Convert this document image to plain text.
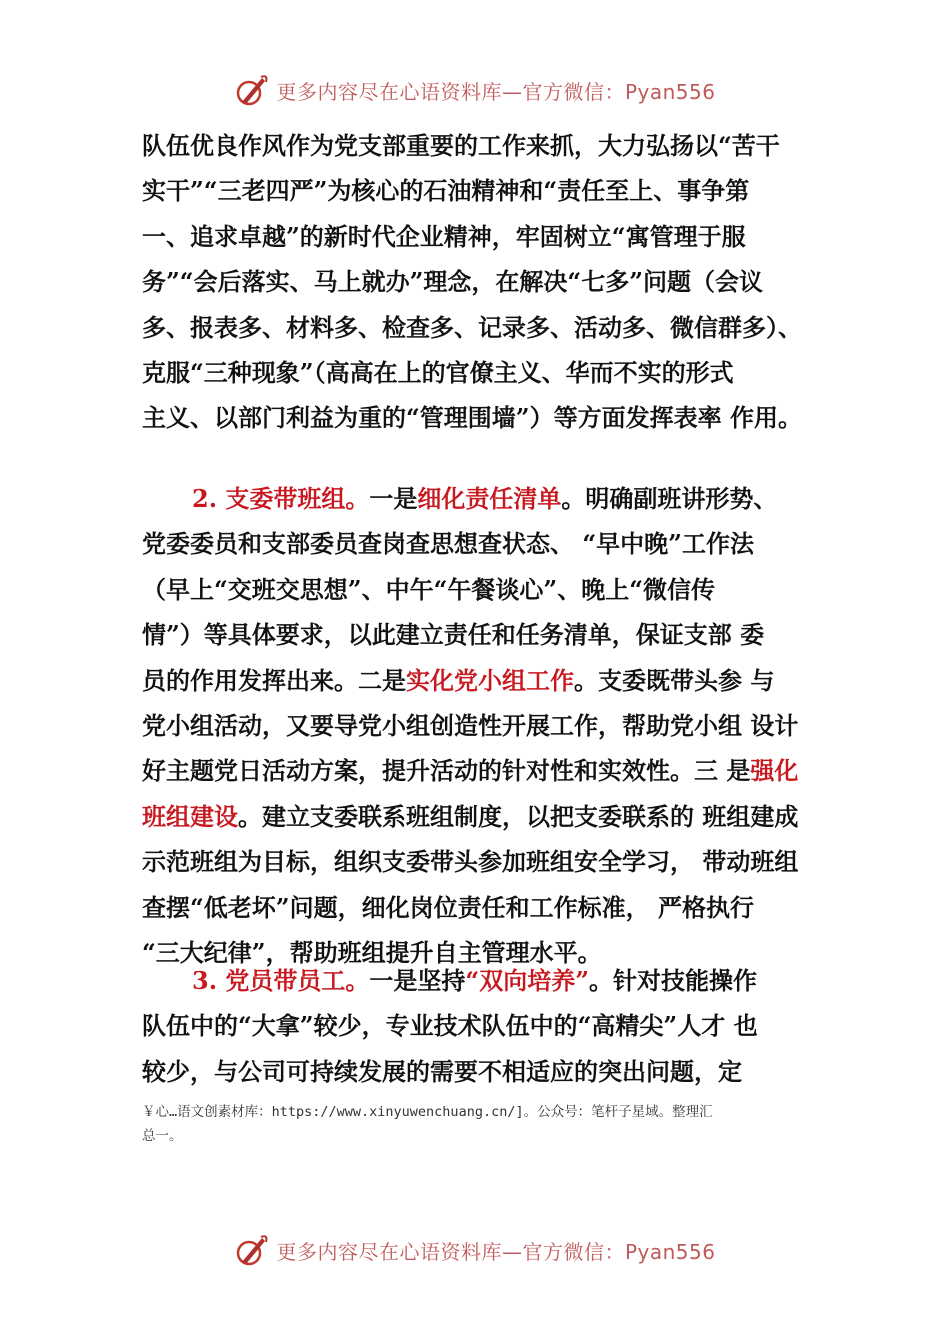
更多内容尽在心语资料库—官方微信：Pyan556
队伍优良作风作为党支部重要的工作来抓，大力弘扬以“苦干
实干”“三老四严”为核心的石油精神和“责任至上、事争第
一、追求卓越”的新时代企业精神，牢固树立“寓管理于服
务”“会后落实、马上就办”理念，在解决“七多”问题（会议
多、报表多、材料多、检查多、记录多、活动多、微信群多）、
克服“三种现象”（高高在上的官僚主义、华而不实的形式
主义、以部门利益为重的“管理围墙”）等方面发挥表率 作用。
2. 支委带班组。一是细化责任清单。明确副班讲形势、
党委委员和支部委员查岗查思想查状态、 “早中晚”工作法
（早上“交班交思想”、中午“午餐谈心”、晚上“微信传
情”）等具体要求，以此建立责任和任务清单，保证支部 委
员的作用发挥出来。二是实化党小组工作。支委既带头参 与
党小组活动，又要导党小组创造性开展工作，帮助党小组 设计
好主题党日活动方案，提升活动的针对性和实效性。三 是强化
班组建设。建立支委联系班组制度，以把支委联系的 班组建成
示范班组为目标，组织支委带头参加班组安全学习， 带动班组
查摆“低老坏”问题，细化岗位责任和工作标准， 严格执行
“三大纪律”，帮助班组提升自主管理水平。
3. 党员带员工。一是坚持“双向培养”。针对技能操作
队伍中的“大拿”较少，专业技术队伍中的“高精尖”人才 也
较少，与公司可持续发展的需要不相适应的突出问题，定
￥心…语文创素材库：https://www.xinyuwenchuang.cn/]。公众号：笔杆子星域。整理汇
总一。
更多内容尽在心语资料库—官方微信：Pyan556
